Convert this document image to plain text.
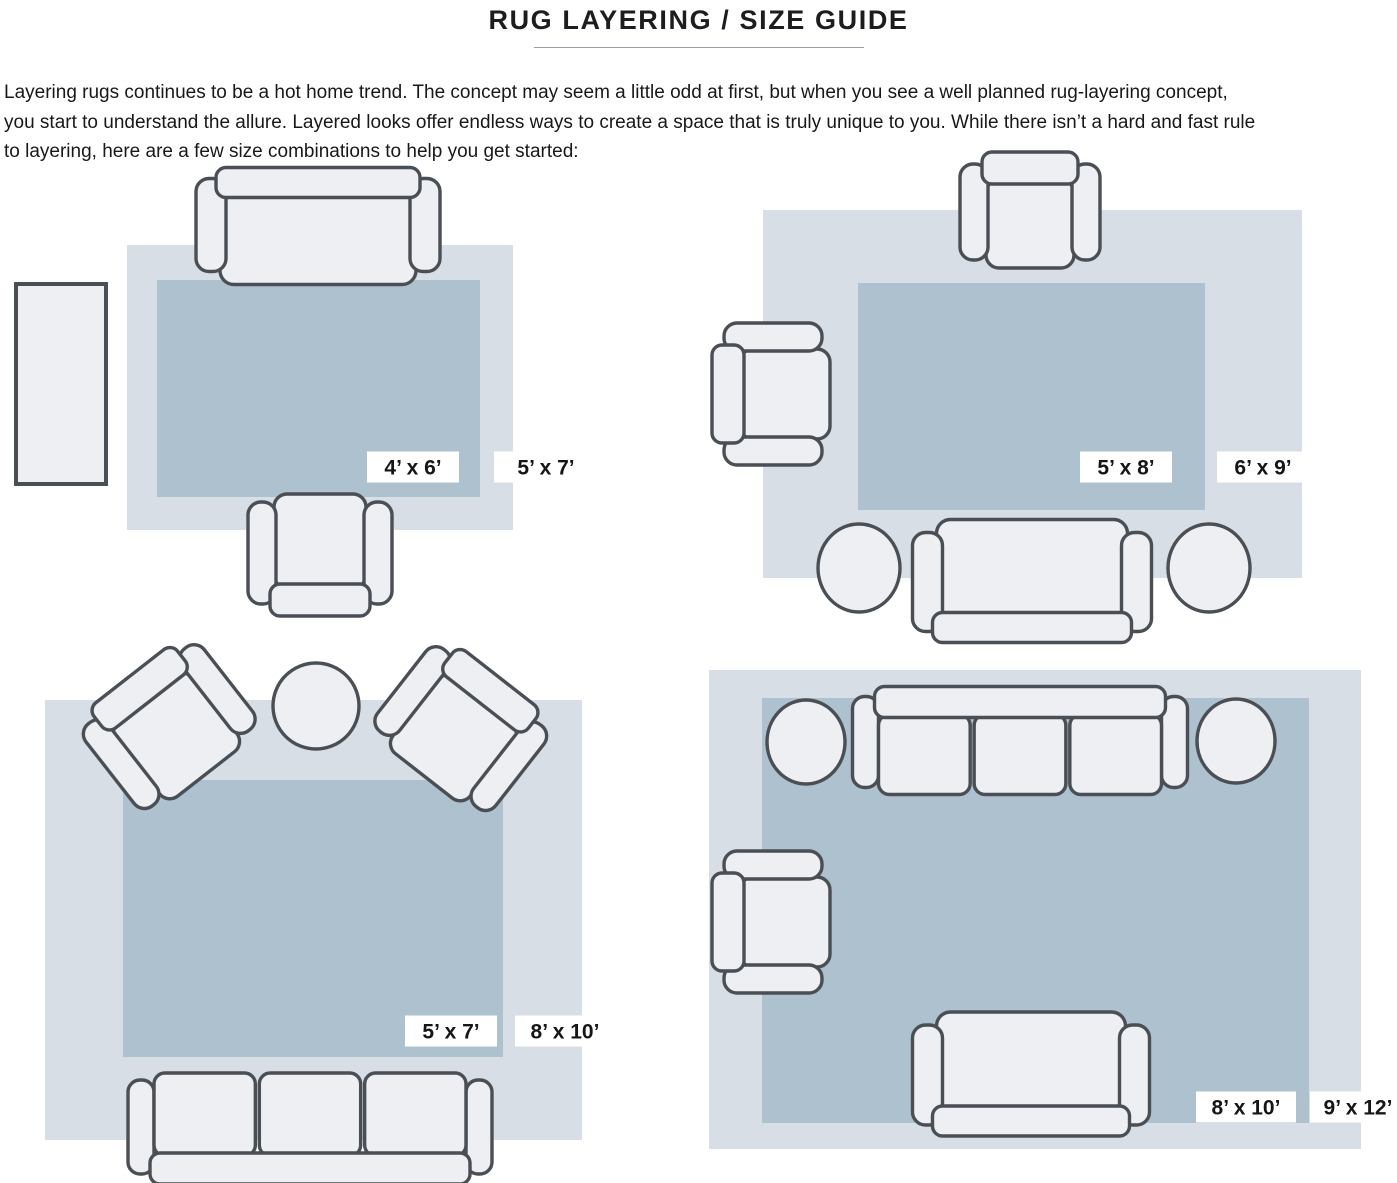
RUG LAYERING / SIZE GUIDE
Layering rugs continues to be a hot home trend. The concept may seem a little odd at first, but when you see a well planned rug-layering concept,
you start to understand the allure. Layered looks offer endless ways to create a space that is truly unique to you. While there isn’t a hard and fast rule
to layering, here are a few size combinations to help you get started:
4’ x 6’	5’ x 7’	5’ x 8’	6’ x 9’
5’ x 7’ 8’ x 10’
8’ x 10’ 9’ x 12’
